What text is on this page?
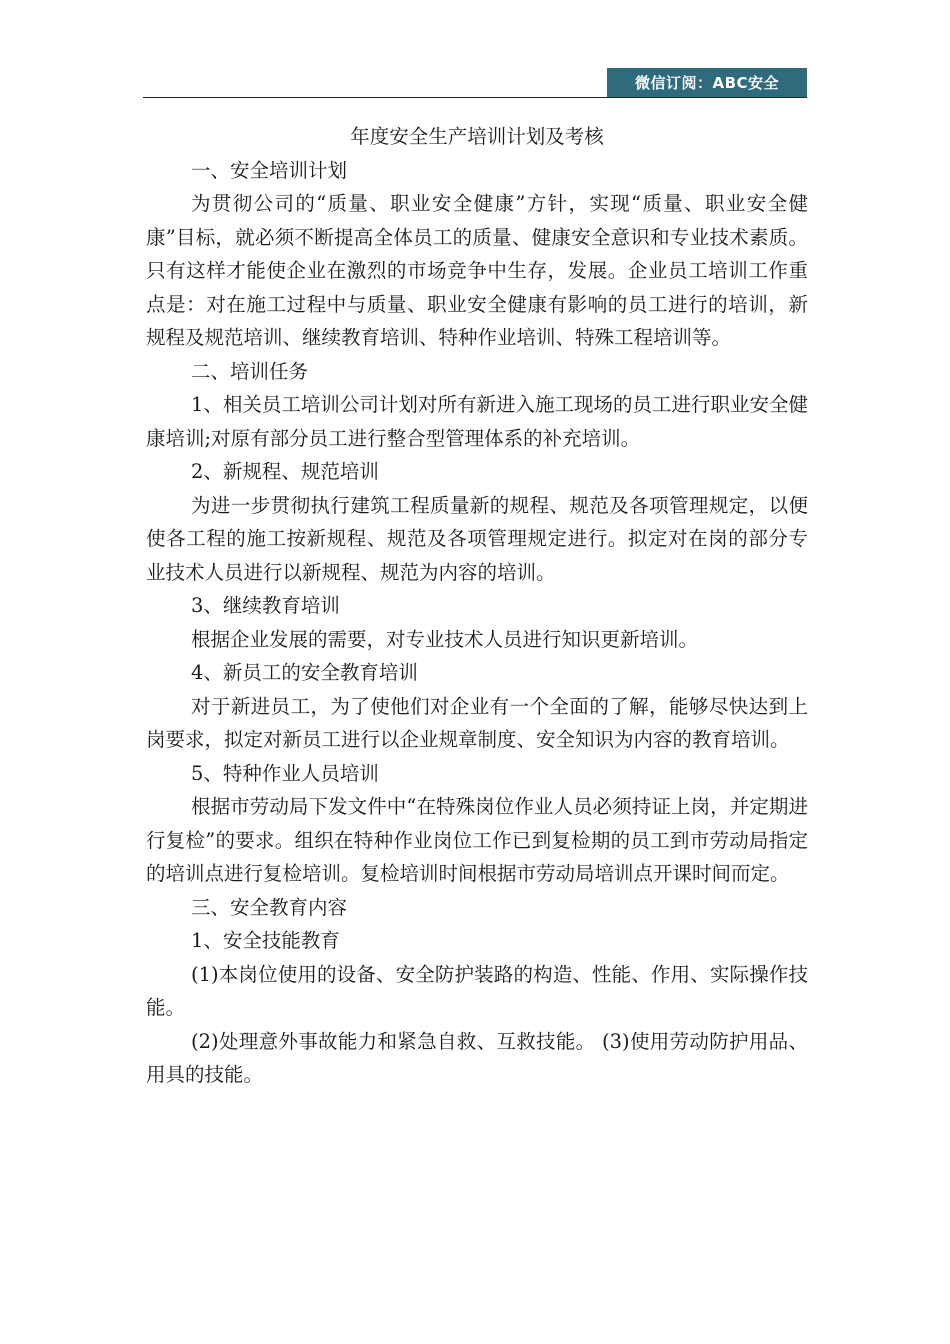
微信订阅：ABC安全

年度安全生产培训计划及考核

一、安全培训计划

为贯彻公司的“质量、职业安全健康”方针，实现“质量、职业安全健康”目标，就必须不断提高全体员工的质量、健康安全意识和专业技术素质。只有这样才能使企业在激烈的市场竞争中生存，发展。企业员工培训工作重点是：对在施工过程中与质量、职业安全健康有影响的员工进行的培训，新规程及规范培训、继续教育培训、特种作业培训、特殊工程培训等。

二、培训任务

1、相关员工培训公司计划对所有新进入施工现场的员工进行职业安全健康培训;对原有部分员工进行整合型管理体系的补充培训。

2、新规程、规范培训

为进一步贯彻执行建筑工程质量新的规程、规范及各项管理规定，以便使各工程的施工按新规程、规范及各项管理规定进行。拟定对在岗的部分专业技术人员进行以新规程、规范为内容的培训。

3、继续教育培训

根据企业发展的需要，对专业技术人员进行知识更新培训。

4、新员工的安全教育培训

对于新进员工，为了使他们对企业有一个全面的了解，能够尽快达到上岗要求，拟定对新员工进行以企业规章制度、安全知识为内容的教育培训。

5、特种作业人员培训

根据市劳动局下发文件中“在特殊岗位作业人员必须持证上岗，并定期进行复检”的要求。组织在特种作业岗位工作已到复检期的员工到市劳动局指定的培训点进行复检培训。复检培训时间根据市劳动局培训点开课时间而定。

三、安全教育内容

1、安全技能教育

(1)本岗位使用的设备、安全防护装路的构造、性能、作用、实际操作技能。

(2)处理意外事故能力和紧急自救、互救技能。 (3)使用劳动防护用品、用具的技能。
